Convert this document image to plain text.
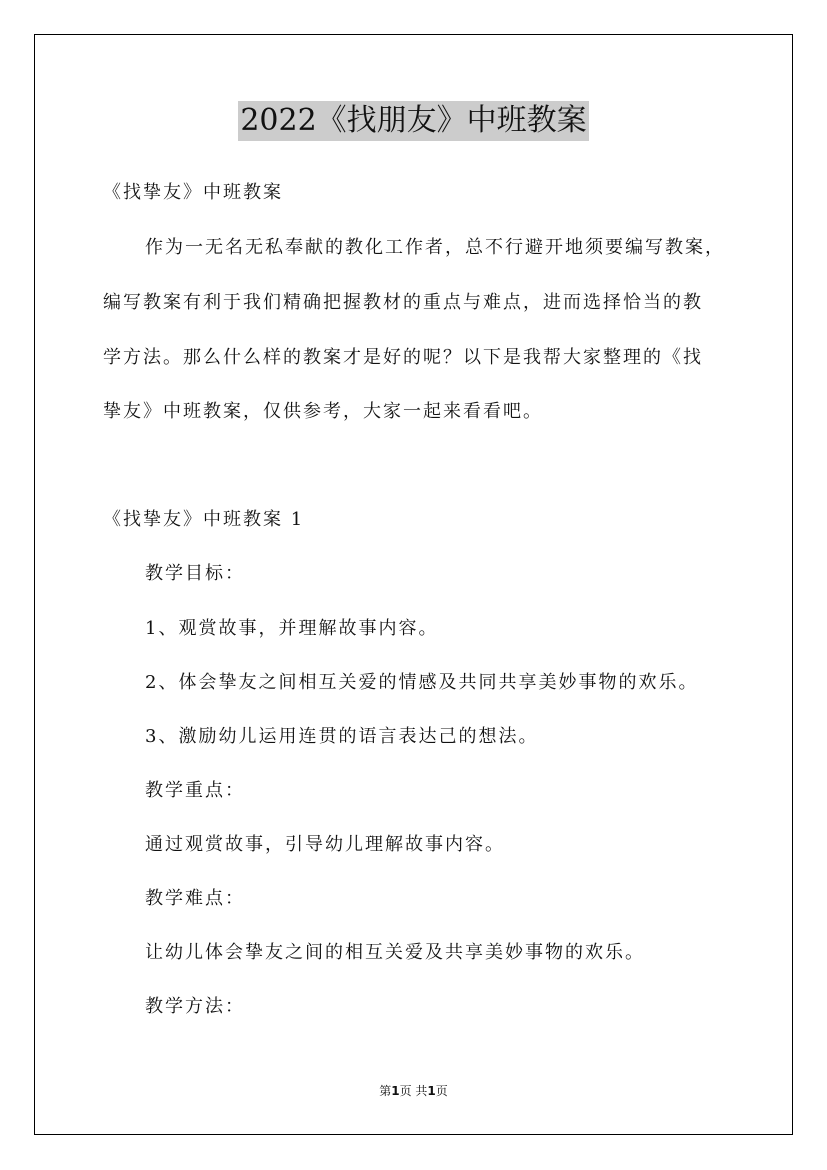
2022《找朋友》中班教案
《找挚友》中班教案
作为一无名无私奉献的教化工作者，总不行避开地须要编写教案，
编写教案有利于我们精确把握教材的重点与难点，进而选择恰当的教
学方法。那么什么样的教案才是好的呢？以下是我帮大家整理的《找
挚友》中班教案，仅供参考，大家一起来看看吧。
《找挚友》中班教案 1
教学目标：
1、观赏故事，并理解故事内容。
2、体会挚友之间相互关爱的情感及共同共享美妙事物的欢乐。
3、激励幼儿运用连贯的语言表达己的想法。
教学重点：
通过观赏故事，引导幼儿理解故事内容。
教学难点：
让幼儿体会挚友之间的相互关爱及共享美妙事物的欢乐。
教学方法：
第1页 共1页
